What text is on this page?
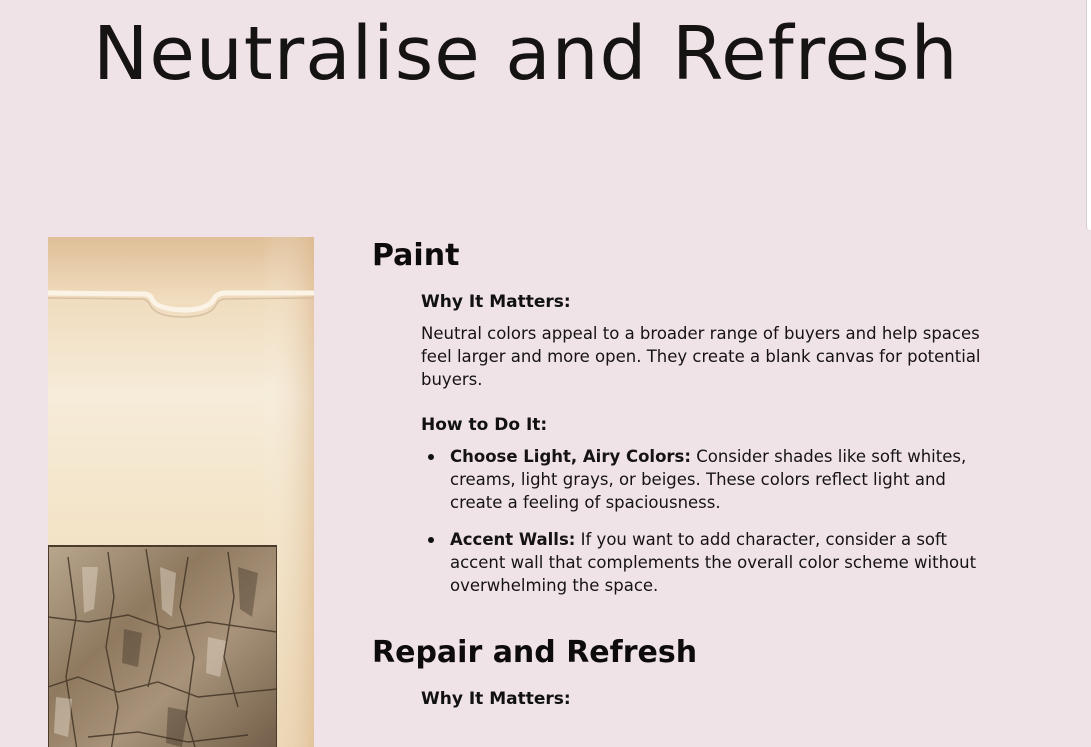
Neutralise and Refresh
Paint
Why It Matters:

Neutral colors appeal to a broader range of buyers and help spaces feel larger and more open. They create a blank canvas for potential buyers.

How to Do It:
Choose Light, Airy Colors: Consider shades like soft whites, creams, light grays, or beiges. These colors reflect light and create a feeling of spaciousness.
Accent Walls: If you want to add character, consider a soft accent wall that complements the overall color scheme without overwhelming the space.
Repair and Refresh
Why It Matters:
